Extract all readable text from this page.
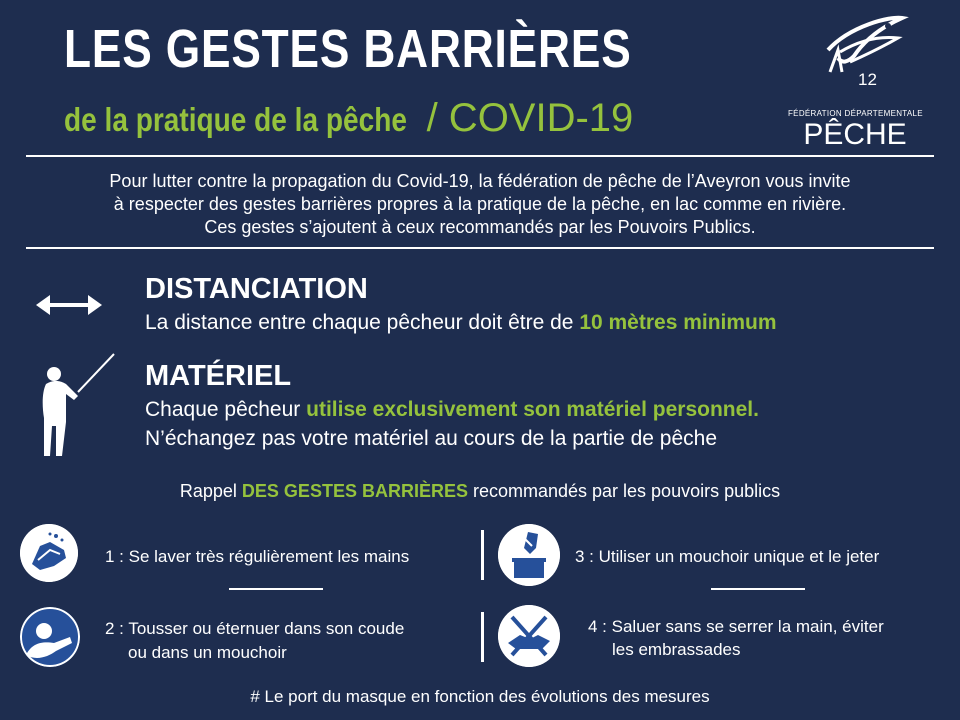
LES GESTES BARRIÈRES
de la pratique de la pêche / COVID-19
12
FÉDÉRATION DÉPARTEMENTALE
PÊCHE
Pour lutter contre la propagation du Covid-19, la fédération de pêche de l’Aveyron vous invite
à respecter des gestes barrières propres à la pratique de la pêche, en lac comme en rivière.
Ces gestes s’ajoutent à ceux recommandés par les Pouvoirs Publics.
DISTANCIATION
La distance entre chaque pêcheur doit être de 10 mètres minimum
MATÉRIEL
Chaque pêcheur utilise exclusivement son matériel personnel.
N’échangez pas votre matériel au cours de la partie de pêche
Rappel DES GESTES BARRIÈRES recommandés par les pouvoirs publics
1 : Se laver très régulièrement les mains
2 : Tousser ou éternuer dans son coude
ou dans un mouchoir
3 : Utiliser un mouchoir unique et le jeter
4 : Saluer sans se serrer la main, éviter
les embrassades
# Le port du masque en fonction des évolutions des mesures
